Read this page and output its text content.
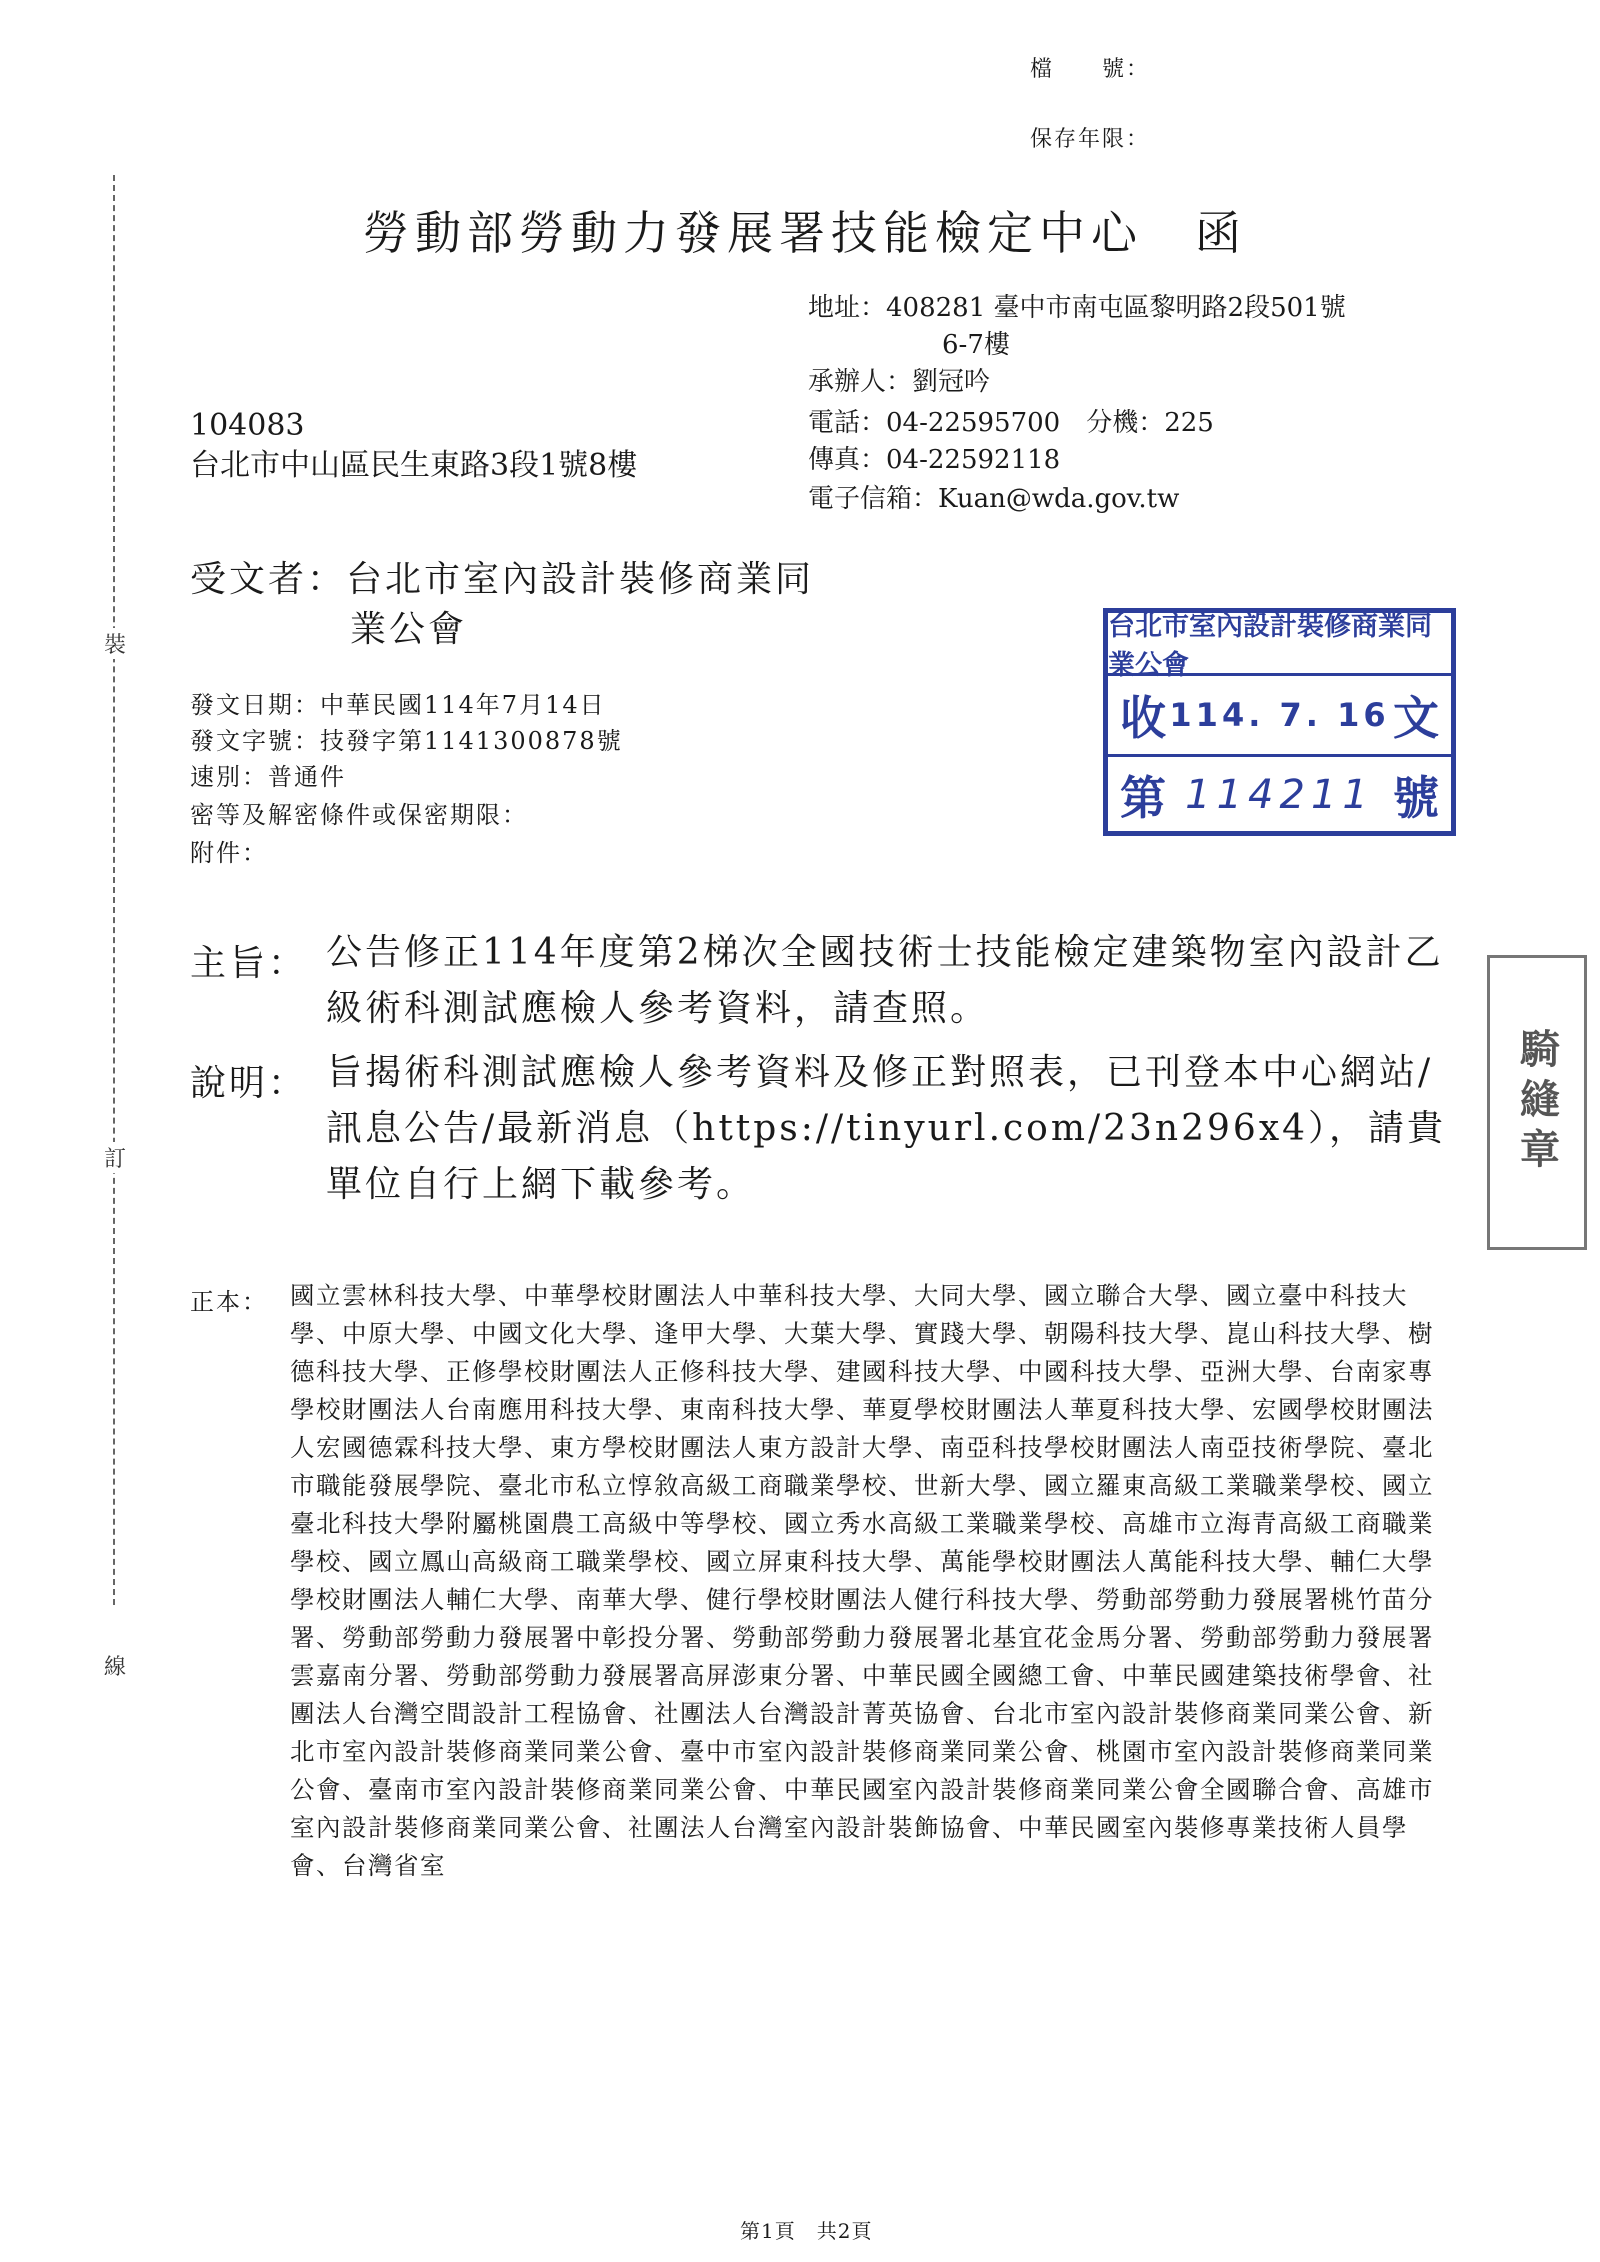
檔　　號：
保存年限：
裝
訂
線
勞動部勞動力發展署技能檢定中心　函
地址：408281 臺中市南屯區黎明路2段501號
6-7樓
承辦人：劉冠吟
電話：04-22595700　分機：225
傳真：04-22592118
電子信箱：Kuan@wda.gov.tw
104083
台北市中山區民生東路3段1號8樓
受文者：台北市室內設計裝修商業同
業公會
發文日期：中華民國114年7月14日
發文字號：技發字第1141300878號
速別：普通件
密等及解密條件或保密期限：
附件：
台北市室內設計裝修商業同業公會
收 114. 7. 16 文
第 114211 號
騎縫章
主旨： 公告修正114年度第2梯次全國技術士技能檢定建築物室內設計乙級術科測試應檢人參考資料，請查照。
說明： 旨揭術科測試應檢人參考資料及修正對照表，已刊登本中心網站/訊息公告/最新消息（https://tinyurl.com/23n296x4），請貴單位自行上網下載參考。
正本： 國立雲林科技大學、中華學校財團法人中華科技大學、大同大學、國立聯合大學、國立臺中科技大學、中原大學、中國文化大學、逢甲大學、大葉大學、實踐大學、朝陽科技大學、崑山科技大學、樹德科技大學、正修學校財團法人正修科技大學、建國科技大學、中國科技大學、亞洲大學、台南家專學校財團法人台南應用科技大學、東南科技大學、華夏學校財團法人華夏科技大學、宏國學校財團法人宏國德霖科技大學、東方學校財團法人東方設計大學、南亞科技學校財團法人南亞技術學院、臺北市職能發展學院、臺北市私立惇敘高級工商職業學校、世新大學、國立羅東高級工業職業學校、國立臺北科技大學附屬桃園農工高級中等學校、國立秀水高級工業職業學校、高雄市立海青高級工商職業學校、國立鳳山高級商工職業學校、國立屏東科技大學、萬能學校財團法人萬能科技大學、輔仁大學學校財團法人輔仁大學、南華大學、健行學校財團法人健行科技大學、勞動部勞動力發展署桃竹苗分署、勞動部勞動力發展署中彰投分署、勞動部勞動力發展署北基宜花金馬分署、勞動部勞動力發展署雲嘉南分署、勞動部勞動力發展署高屏澎東分署、中華民國全國總工會、中華民國建築技術學會、社團法人台灣空間設計工程協會、社團法人台灣設計菁英協會、台北市室內設計裝修商業同業公會、新北市室內設計裝修商業同業公會、臺中市室內設計裝修商業同業公會、桃園市室內設計裝修商業同業公會、臺南市室內設計裝修商業同業公會、中華民國室內設計裝修商業同業公會全國聯合會、高雄市室內設計裝修商業同業公會、社團法人台灣室內設計裝飾協會、中華民國室內裝修專業技術人員學會、台灣省室
第1頁　共2頁
